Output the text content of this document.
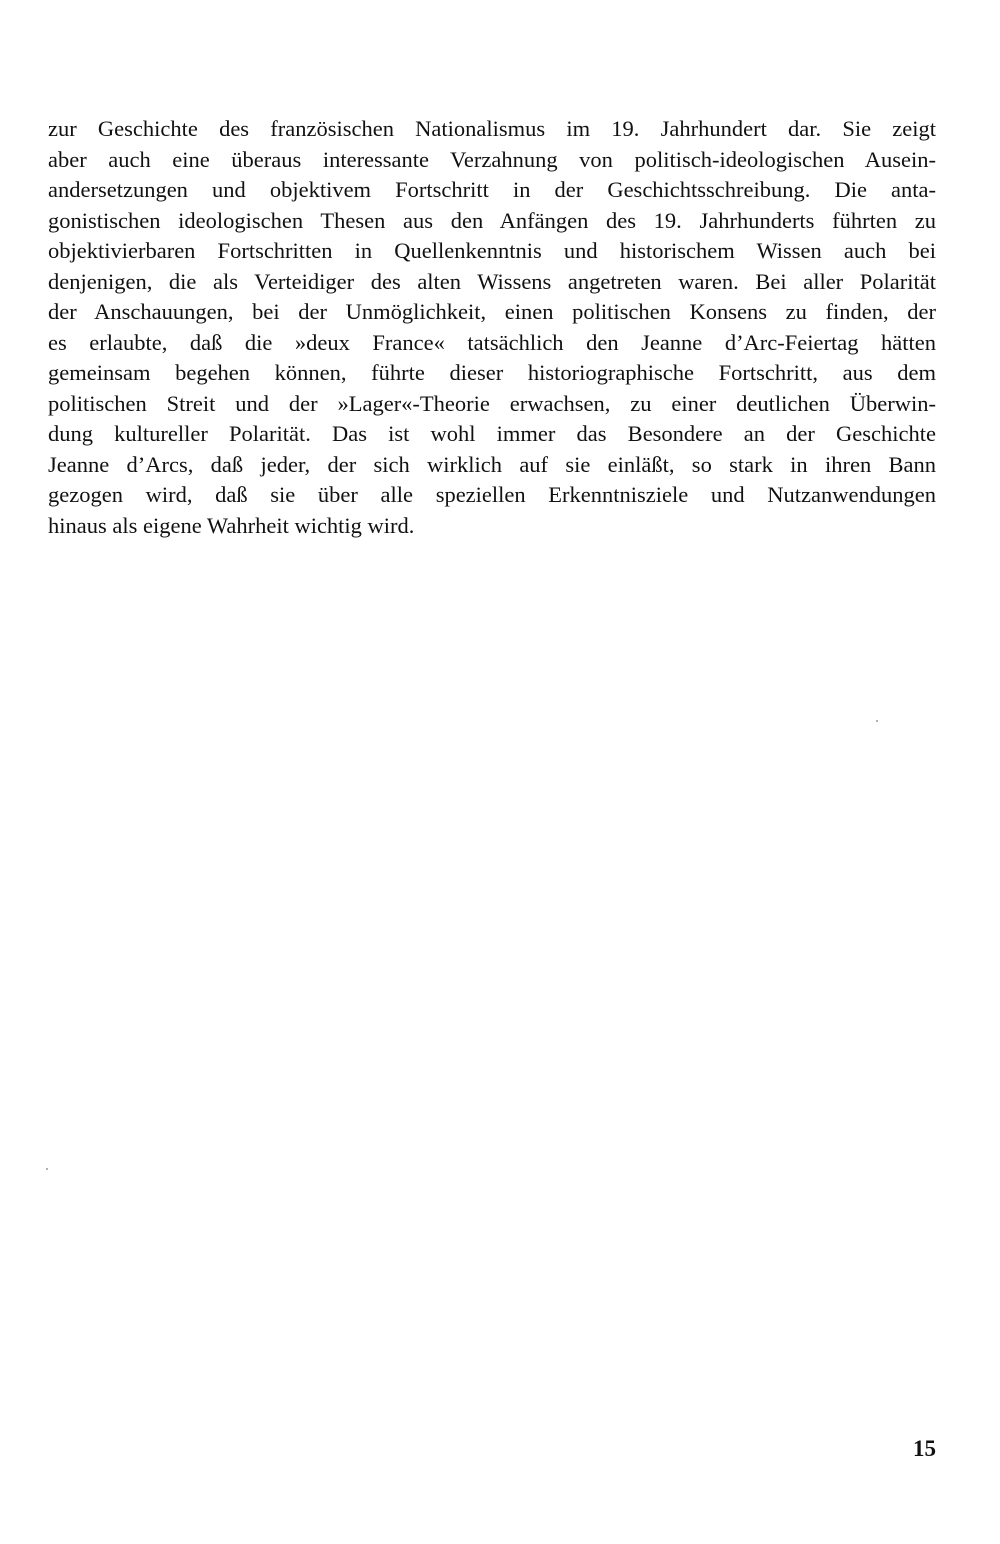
zur Geschichte des französischen Nationalismus im 19. Jahrhundert dar. Sie zeigt
aber auch eine überaus interessante Verzahnung von politisch-ideologischen Ausein-
andersetzungen und objektivem Fortschritt in der Geschichtsschreibung. Die anta-
gonistischen ideologischen Thesen aus den Anfängen des 19. Jahrhunderts führten zu
objektivierbaren Fortschritten in Quellenkenntnis und historischem Wissen auch bei
denjenigen, die als Verteidiger des alten Wissens angetreten waren. Bei aller Polarität
der Anschauungen, bei der Unmöglichkeit, einen politischen Konsens zu finden, der
es erlaubte, daß die »deux France« tatsächlich den Jeanne d’Arc-Feiertag hätten
gemeinsam begehen können, führte dieser historiographische Fortschritt, aus dem
politischen Streit und der »Lager«-Theorie erwachsen, zu einer deutlichen Überwin-
dung kultureller Polarität. Das ist wohl immer das Besondere an der Geschichte
Jeanne d’Arcs, daß jeder, der sich wirklich auf sie einläßt, so stark in ihren Bann
gezogen wird, daß sie über alle speziellen Erkenntnisziele und Nutzanwendungen
hinaus als eigene Wahrheit wichtig wird.
15
